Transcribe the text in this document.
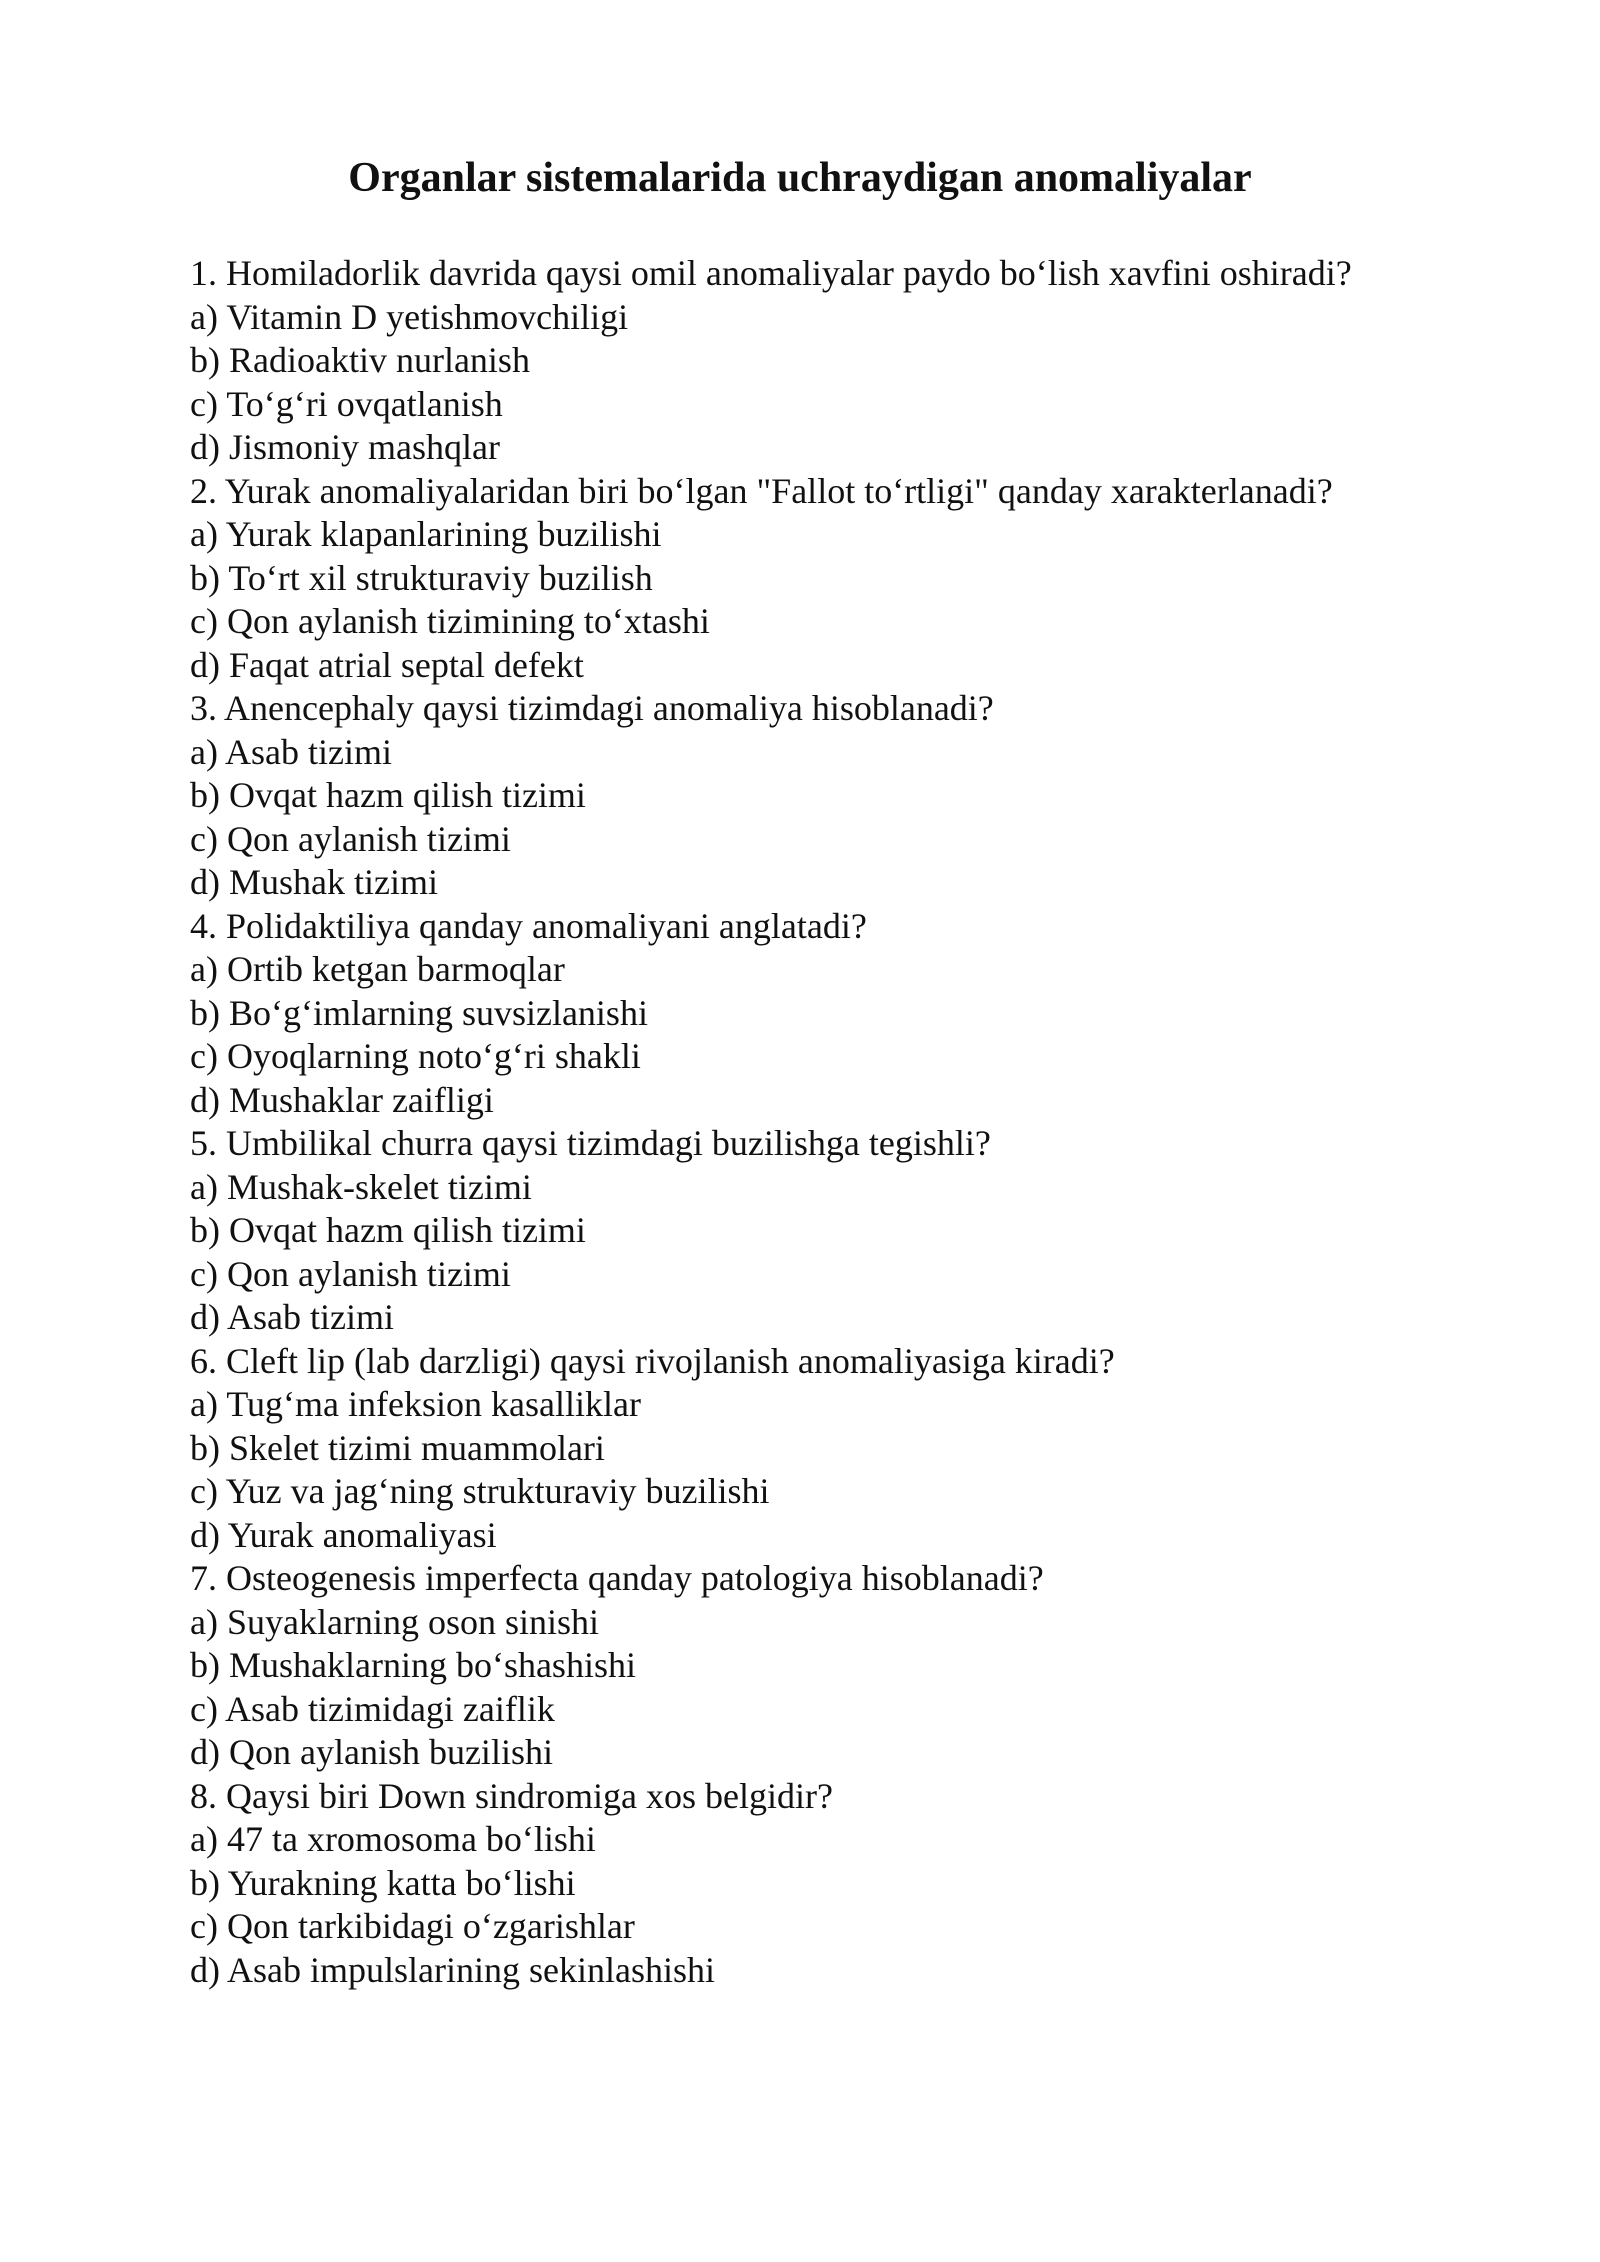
Organlar sistemalarida uchraydigan anomaliyalar
1. Homiladorlik davrida qaysi omil anomaliyalar paydo bo‘lish xavfini oshiradi?
a) Vitamin D yetishmovchiligi
b) Radioaktiv nurlanish
c) To‘g‘ri ovqatlanish
d) Jismoniy mashqlar
2. Yurak anomaliyalaridan biri bo‘lgan "Fallot to‘rtligi" qanday xarakterlanadi?
a) Yurak klapanlarining buzilishi
b) To‘rt xil strukturaviy buzilish
c) Qon aylanish tizimining to‘xtashi
d) Faqat atrial septal defekt
3. Anencephaly qaysi tizimdagi anomaliya hisoblanadi?
a) Asab tizimi
b) Ovqat hazm qilish tizimi
c) Qon aylanish tizimi
d) Mushak tizimi
4. Polidaktiliya qanday anomaliyani anglatadi?
a) Ortib ketgan barmoqlar
b) Bo‘g‘imlarning suvsizlanishi
c) Oyoqlarning noto‘g‘ri shakli
d) Mushaklar zaifligi
5. Umbilikal churra qaysi tizimdagi buzilishga tegishli?
a) Mushak-skelet tizimi
b) Ovqat hazm qilish tizimi
c) Qon aylanish tizimi
d) Asab tizimi
6. Cleft lip (lab darzligi) qaysi rivojlanish anomaliyasiga kiradi?
a) Tug‘ma infeksion kasalliklar
b) Skelet tizimi muammolari
c) Yuz va jag‘ning strukturaviy buzilishi
d) Yurak anomaliyasi
7. Osteogenesis imperfecta qanday patologiya hisoblanadi?
a) Suyaklarning oson sinishi
b) Mushaklarning bo‘shashishi
c) Asab tizimidagi zaiflik
d) Qon aylanish buzilishi
8. Qaysi biri Down sindromiga xos belgidir?
a) 47 ta xromosoma bo‘lishi
b) Yurakning katta bo‘lishi
c) Qon tarkibidagi o‘zgarishlar
d) Asab impulslarining sekinlashishi
